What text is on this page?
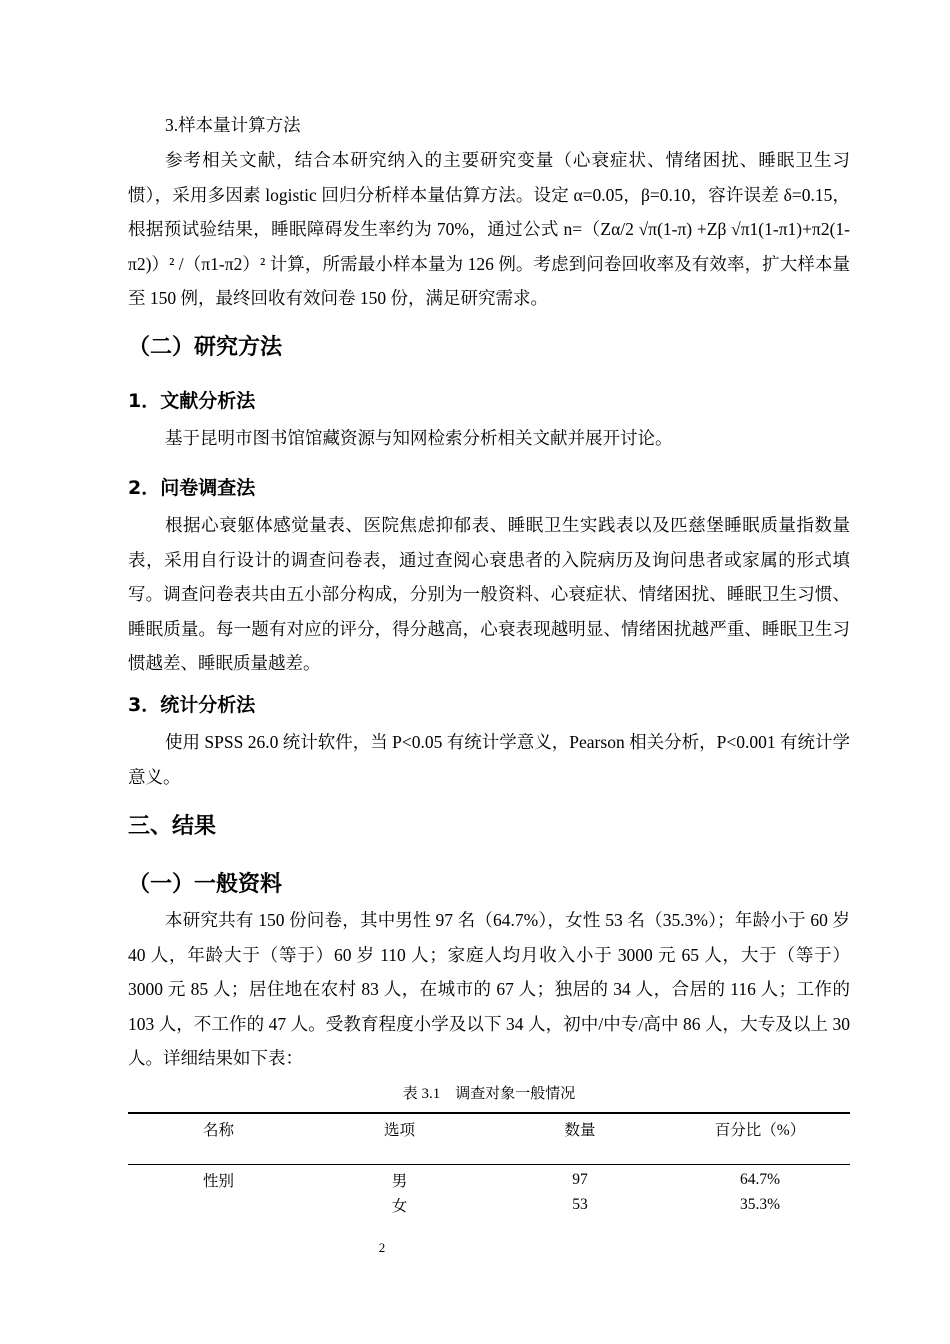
3.样本量计算方法

参考相关文献，结合本研究纳入的主要研究变量（心衰症状、情绪困扰、睡眠卫生习惯），采用多因素 logistic 回归分析样本量估算方法。设定 α=0.05，β=0.10，容许误差 δ=0.15，根据预试验结果，睡眠障碍发生率约为 70%，通过公式 n=（Zα/2 √π(1-π) +Zβ √π1(1-π1)+π2(1-π2)）² /（π1-π2）² 计算，所需最小样本量为 126 例。考虑到问卷回收率及有效率，扩大样本量至 150 例，最终回收有效问卷 150 份，满足研究需求。

（二）研究方法
1．文献分析法

基于昆明市图书馆馆藏资源与知网检索分析相关文献并展开讨论。

2．问卷调查法

根据心衰躯体感觉量表、医院焦虑抑郁表、睡眠卫生实践表以及匹慈堡睡眠质量指数量表，采用自行设计的调查问卷表，通过查阅心衰患者的入院病历及询问患者或家属的形式填写。调查问卷表共由五小部分构成，分别为一般资料、心衰症状、情绪困扰、睡眠卫生习惯、睡眠质量。每一题有对应的评分，得分越高，心衰表现越明显、情绪困扰越严重、睡眠卫生习惯越差、睡眠质量越差。

3．统计分析法

使用 SPSS 26.0 统计软件，当 P<0.05 有统计学意义，Pearson 相关分析，P<0.001 有统计学意义。

三、结果
（一）一般资料

本研究共有 150 份问卷，其中男性 97 名（64.7%），女性 53 名（35.3%）；年龄小于 60 岁 40 人，年龄大于（等于）60 岁 110 人；家庭人均月收入小于 3000 元 65 人，大于（等于）3000 元 85 人；居住地在农村 83 人，在城市的 67 人；独居的 34 人，合居的 116 人；工作的 103 人，不工作的 47 人。受教育程度小学及以下 34 人，初中/中专/高中 86 人，大专及以上 30 人。详细结果如下表：

表 3.1　调查对象一般情况
名称	选项	数量	百分比（%）
性别	男	97	64.7%
	女	53	35.3%
2
